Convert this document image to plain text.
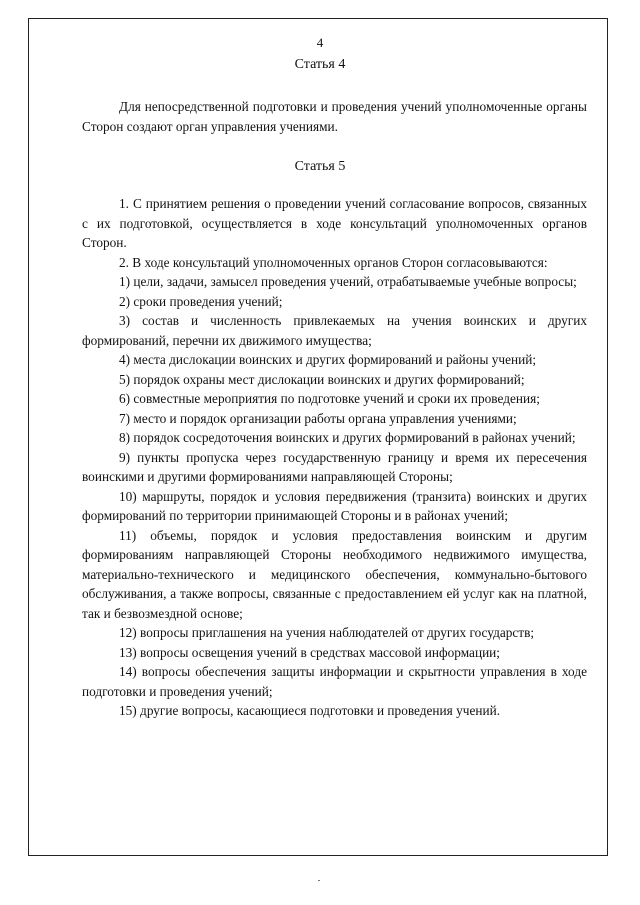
4
Статья 4

Для непосредственной подготовки и проведения учений уполномоченные органы Сторон создают орган управления учениями.

Статья 5

1. С принятием решения о проведении учений согласование вопросов, связанных с их подготовкой, осуществляется в ходе консультаций уполномоченных органов Сторон.

2. В ходе консультаций уполномоченных органов Сторон согласовываются:

1) цели, задачи, замысел проведения учений, отрабатываемые учебные вопросы;

2) сроки проведения учений;

3) состав и численность привлекаемых на учения воинских и других формирований, перечни их движимого имущества;

4) места дислокации воинских и других формирований и районы учений;

5) порядок охраны мест дислокации воинских и других формирований;

6) совместные мероприятия по подготовке учений и сроки их проведения;

7) место и порядок организации работы органа управления учениями;

8) порядок сосредоточения воинских и других формирований в районах учений;

9) пункты пропуска через государственную границу и время их пересечения воинскими и другими формированиями направляющей Стороны;

10) маршруты, порядок и условия передвижения (транзита) воинских и других формирований по территории принимающей Стороны и в районах учений;

11) объемы, порядок и условия предоставления воинским и другим формированиям направляющей Стороны необходимого недвижимого имущества, материально-технического и медицинского обеспечения, коммунально-бытового обслуживания, а также вопросы, связанные с предоставлением ей услуг как на платной, так и безвозмездной основе;

12) вопросы приглашения на учения наблюдателей от других государств;

13) вопросы освещения учений в средствах массовой информации;

14) вопросы обеспечения защиты информации и скрытности управления в ходе подготовки и проведения учений;

15) другие вопросы, касающиеся подготовки и проведения учений.
